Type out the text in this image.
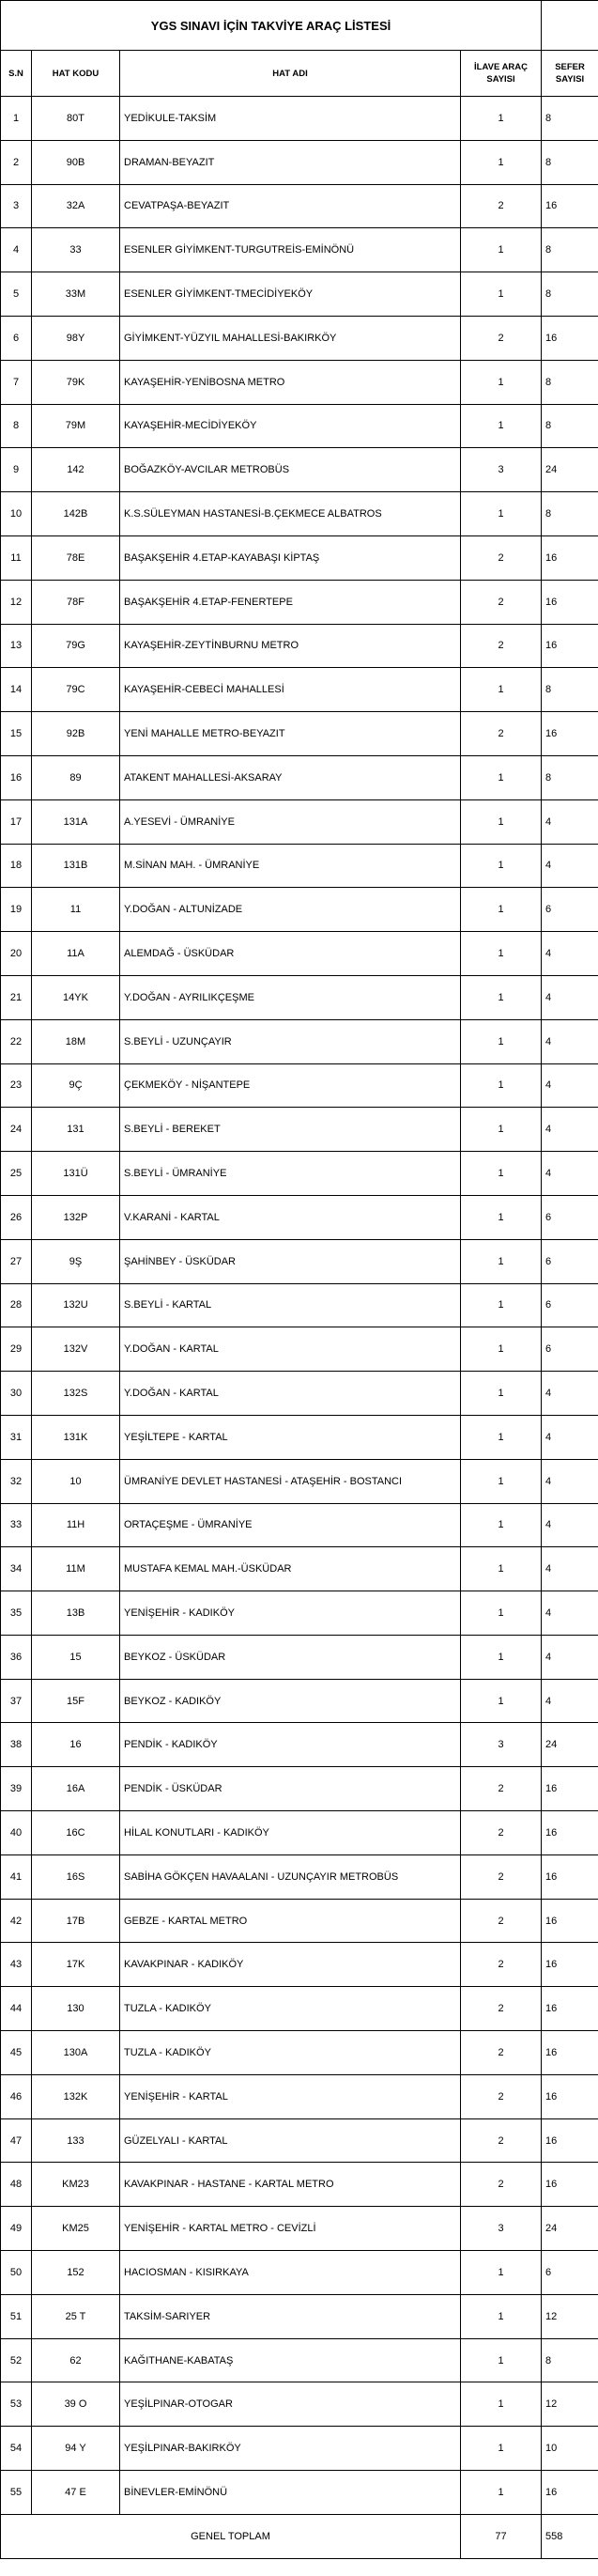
YGS SINAVI İÇİN TAKVİYE ARAÇ LİSTESİ				
S.N	HAT KODU	HAT ADI	İLAVE ARAÇ SAYISI	SEFER SAYISI
1	80T	YEDİKULE-TAKSİM	1	8
2	90B	DRAMAN-BEYAZIT	1	8
3	32A	CEVATPAŞA-BEYAZIT	2	16
4	33	ESENLER GİYİMKENT-TURGUTREİS-EMİNÖNÜ	1	8
5	33M	ESENLER GİYİMKENT-TMECİDİYEKÖY	1	8
6	98Y	GİYİMKENT-YÜZYIL MAHALLESİ-BAKIRKÖY	2	16
7	79K	KAYAŞEHİR-YENİBOSNA METRO	1	8
8	79M	KAYAŞEHİR-MECİDİYEKÖY	1	8
9	142	BOĞAZKÖY-AVCILAR METROBÜS	3	24
10	142B	K.S.SÜLEYMAN HASTANESİ-B.ÇEKMECE ALBATROS	1	8
11	78E	BAŞAKŞEHİR 4.ETAP-KAYABAŞI KİPTAŞ	2	16
12	78F	BAŞAKŞEHİR 4.ETAP-FENERTEPE	2	16
13	79G	KAYAŞEHİR-ZEYTİNBURNU METRO	2	16
14	79C	KAYAŞEHİR-CEBECİ MAHALLESİ	1	8
15	92B	YENİ MAHALLE METRO-BEYAZIT	2	16
16	89	ATAKENT MAHALLESİ-AKSARAY	1	8
17	131A	A.YESEVİ - ÜMRANİYE	1	4
18	131B	M.SİNAN MAH. - ÜMRANİYE	1	4
19	11	Y.DOĞAN - ALTUNİZADE	1	6
20	11A	ALEMDAĞ - ÜSKÜDAR	1	4
21	14YK	Y.DOĞAN - AYRILIKÇEŞME	1	4
22	18M	S.BEYLİ - UZUNÇAYIR	1	4
23	9Ç	ÇEKMEKÖY - NİŞANTEPE	1	4
24	131	S.BEYLİ - BEREKET	1	4
25	131Ü	S.BEYLİ - ÜMRANİYE	1	4
26	132P	V.KARANİ - KARTAL	1	6
27	9Ş	ŞAHİNBEY - ÜSKÜDAR	1	6
28	132U	S.BEYLİ - KARTAL	1	6
29	132V	Y.DOĞAN - KARTAL	1	6
30	132S	Y.DOĞAN - KARTAL	1	4
31	131K	YEŞİLTEPE - KARTAL	1	4
32	10	ÜMRANİYE DEVLET HASTANESİ - ATAŞEHİR - BOSTANCI	1	4
33	11H	ORTAÇEŞME - ÜMRANİYE	1	4
34	11M	MUSTAFA KEMAL MAH.-ÜSKÜDAR	1	4
35	13B	YENİŞEHİR - KADIKÖY	1	4
36	15	BEYKOZ - ÜSKÜDAR	1	4
37	15F	BEYKOZ - KADIKÖY	1	4
38	16	PENDİK - KADIKÖY	3	24
39	16A	PENDİK - ÜSKÜDAR	2	16
40	16C	HİLAL KONUTLARI - KADIKÖY	2	16
41	16S	SABİHA GÖKÇEN HAVAALANI - UZUNÇAYIR METROBÜS	2	16
42	17B	GEBZE - KARTAL METRO	2	16
43	17K	KAVAKPINAR - KADIKÖY	2	16
44	130	TUZLA - KADIKÖY	2	16
45	130A	TUZLA - KADIKÖY	2	16
46	132K	YENİŞEHİR - KARTAL	2	16
47	133	GÜZELYALI - KARTAL	2	16
48	KM23	KAVAKPINAR - HASTANE - KARTAL METRO	2	16
49	KM25	YENİŞEHİR - KARTAL METRO - CEVİZLİ	3	24
50	152	HACIOSMAN - KISIRKAYA	1	6
51	25 T	TAKSİM-SARIYER	1	12
52	62	KAĞITHANE-KABATAŞ	1	8
53	39 O	YEŞİLPINAR-OTOGAR	1	12
54	94 Y	YEŞİLPINAR-BAKIRKÖY	1	10
55	47 E	BİNEVLER-EMİNÖNÜ	1	16
GENEL TOPLAM			77	558
